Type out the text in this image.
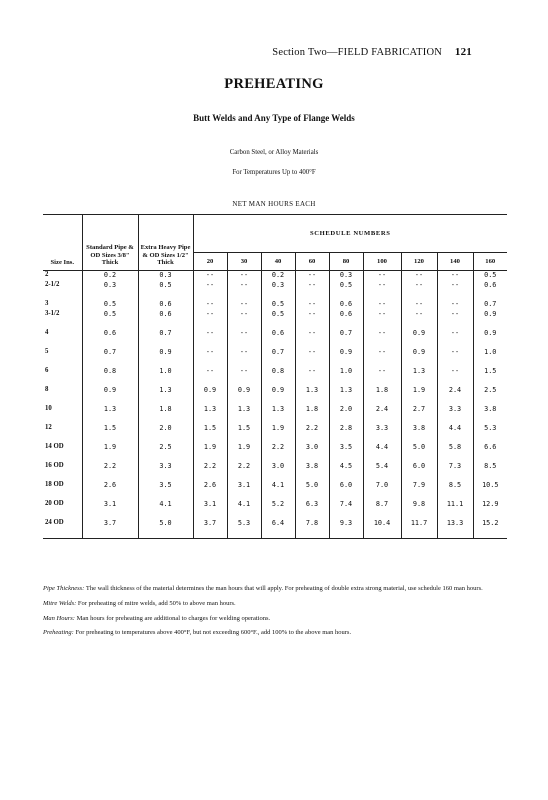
Section Two—FIELD FABRICATION 121
PREHEATING
Butt Welds and Any Type of Flange Welds
Carbon Steel, or Alloy Materials
For Temperatures Up to 400°F
NET MAN HOURS EACH
Size Ins.	Standard Pipe & OD Sizes 3/8" Thick	Extra Heavy Pipe & OD Sizes 1/2" Thick	SCHEDULE NUMBERS								
			20	30	40	60	80	100	120	140	160
2	0.2	0.3	--	--	0.2	--	0.3	--	--	--	0.5
2-1/2	0.3	0.5	--	--	0.3	--	0.5	--	--	--	0.6

3	0.5	0.6	--	--	0.5	--	0.6	--	--	--	0.7
3-1/2	0.5	0.6	--	--	0.5	--	0.6	--	--	--	0.9

4	0.6	0.7	--	--	0.6	--	0.7	--	0.9	--	0.9

5	0.7	0.9	--	--	0.7	--	0.9	--	0.9	--	1.0

6	0.8	1.0	--	--	0.8	--	1.0	--	1.3	--	1.5

8	0.9	1.3	0.9	0.9	0.9	1.3	1.3	1.8	1.9	2.4	2.5

10	1.3	1.8	1.3	1.3	1.3	1.8	2.0	2.4	2.7	3.3	3.8

12	1.5	2.0	1.5	1.5	1.9	2.2	2.8	3.3	3.8	4.4	5.3

14 OD	1.9	2.5	1.9	1.9	2.2	3.0	3.5	4.4	5.0	5.8	6.6

16 OD	2.2	3.3	2.2	2.2	3.0	3.8	4.5	5.4	6.0	7.3	8.5

18 OD	2.6	3.5	2.6	3.1	4.1	5.0	6.0	7.0	7.9	8.5	10.5

20 OD	3.1	4.1	3.1	4.1	5.2	6.3	7.4	8.7	9.8	11.1	12.9

24 OD	3.7	5.0	3.7	5.3	6.4	7.8	9.3	10.4	11.7	13.3	15.2

Pipe Thickness: The wall thickness of the material determines the man hours that will apply. For preheating of double extra strong material, use schedule 160 man hours.

Mitre Welds: For preheating of mitre welds, add 50% to above man hours.

Man Hours: Man hours for preheating are additional to charges for welding operations.

Preheating: For preheating to temperatures above 400°F, but not exceeding 600°F., add 100% to the above man hours.
